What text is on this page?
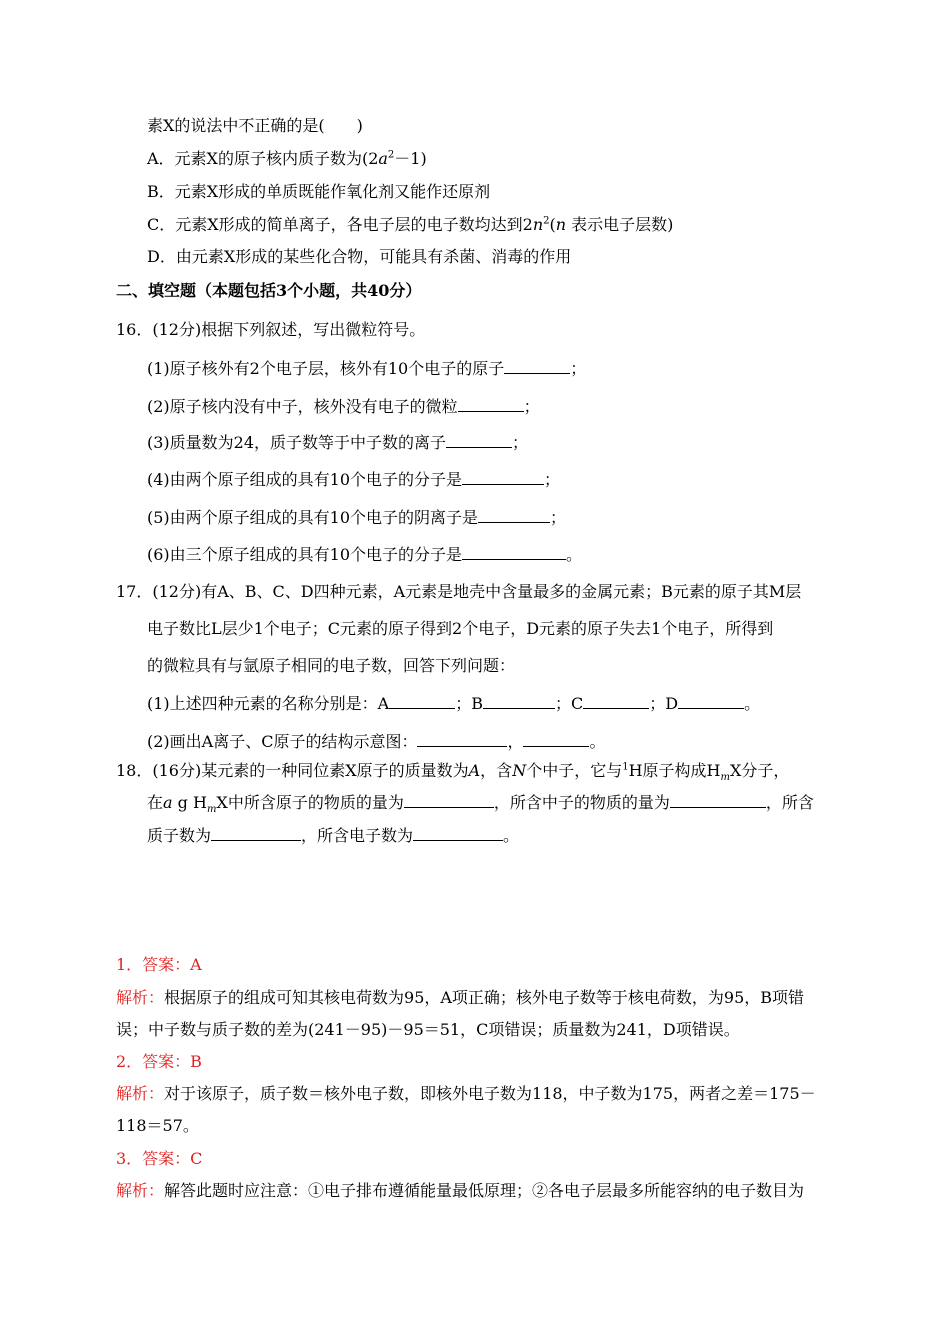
素X的说法中不正确的是(　　)
A．元素X的原子核内质子数为$(2a^2-1)$
B．元素X形成的单质既能作氧化剂又能作还原剂
C．元素X形成的简单离子，各电子层的电子数均达到$2n^2(n$ 表示电子层数)
D．由元素X形成的某些化合物，可能具有杀菌、消毒的作用
二、填空题（本题包括3个小题，共40分）
16．(12分)根据下列叙述，写出微粒符号。
(1)原子核外有2个电子层，核外有10个电子的原子	；
(2)原子核内没有中子，核外没有电子的微粒	；
(3)质量数为24，质子数等于中子数的离子	；
(4)由两个原子组成的具有10个电子的分子是	；
(5)由两个原子组成的具有10个电子的阴离子是	；
(6)由三个原子组成的具有10个电子的分子是	。
17．(12分)有A、B、C、D四种元素，A元素是地壳中含量最多的金属元素；B元素的原子其M层
电子数比L层少1个电子；C元素的原子得到2个电子，D元素的原子失去1个电子，所得到
的微粒具有与氩原子相同的电子数，回答下列问题：
(1)上述四种元素的名称分别是：A	；B	；C	；D	。
(2)画出A离子、C原子的结构示意图：	，	。
18．(16分)某元素的一种同位素X原子的质量数为A，含N个中子，它与$^1$H原子构成$H_mX$分子，
在a g $H_mX$中所含原子的物质的量为	，所含中子的物质的量为	，所含
质子数为	，所含电子数为	。
1．答案：A
解析：根据原子的组成可知其核电荷数为95，A项正确；核外电子数等于核电荷数，为95，B项错
误；中子数与质子数的差为(241－95)－95＝51，C项错误；质量数为241，D项错误。
2．答案：B
解析：对于该原子，质子数＝核外电子数，即核外电子数为118，中子数为175，两者之差＝175－
118＝57。
3．答案：C
解析：解答此题时应注意：①电子排布遵循能量最低原理；②各电子层最多所能容纳的电子数目为
